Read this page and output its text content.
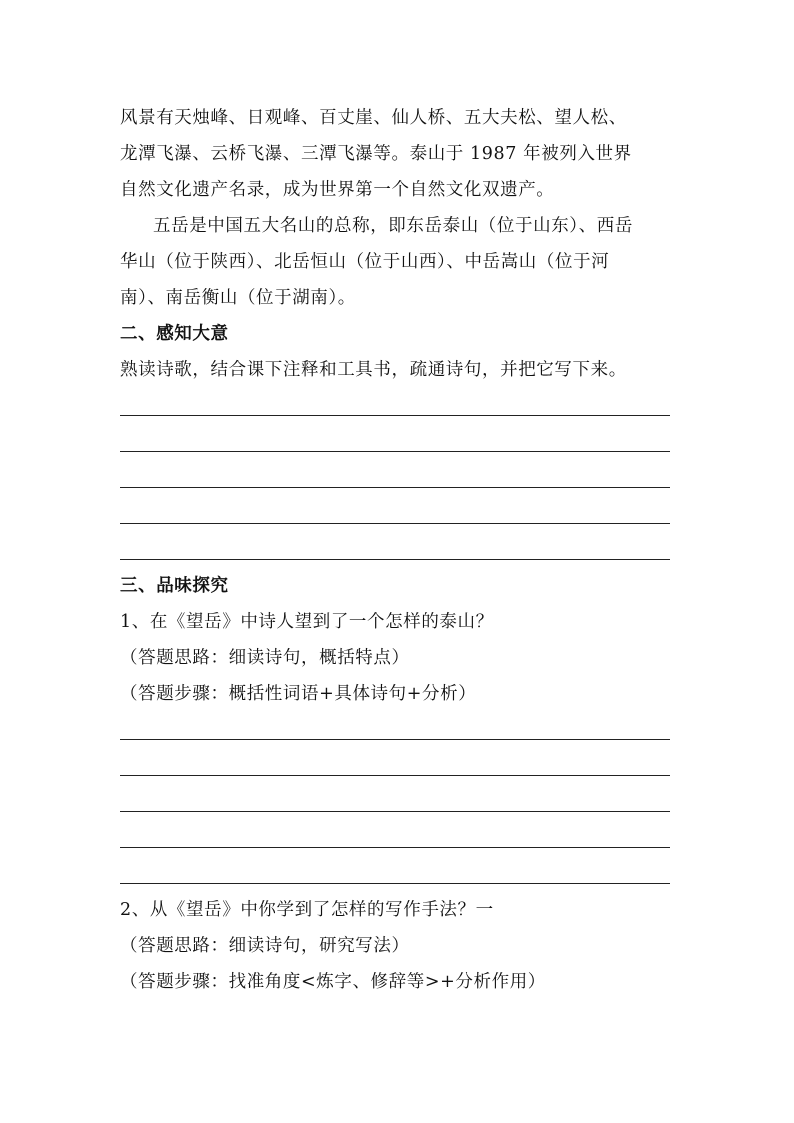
风景有天烛峰、日观峰、百丈崖、仙人桥、五大夫松、望人松、
龙潭飞瀑、云桥飞瀑、三潭飞瀑等。泰山于 1987 年被列入世界
自然文化遗产名录，成为世界第一个自然文化双遗产。
五岳是中国五大名山的总称，即东岳泰山（位于山东）、西岳
华山（位于陕西）、北岳恒山（位于山西）、中岳嵩山（位于河
南）、南岳衡山（位于湖南）。
二、感知大意
熟读诗歌，结合课下注释和工具书，疏通诗句，并把它写下来。
三、品味探究
1、在《望岳》中诗人望到了一个怎样的泰山？
（答题思路：细读诗句，概括特点）
（答题步骤：概括性词语+具体诗句+分析）
2、从《望岳》中你学到了怎样的写作手法？一
（答题思路：细读诗句，研究写法）
（答题步骤：找准角度<炼字、修辞等>+分析作用）
